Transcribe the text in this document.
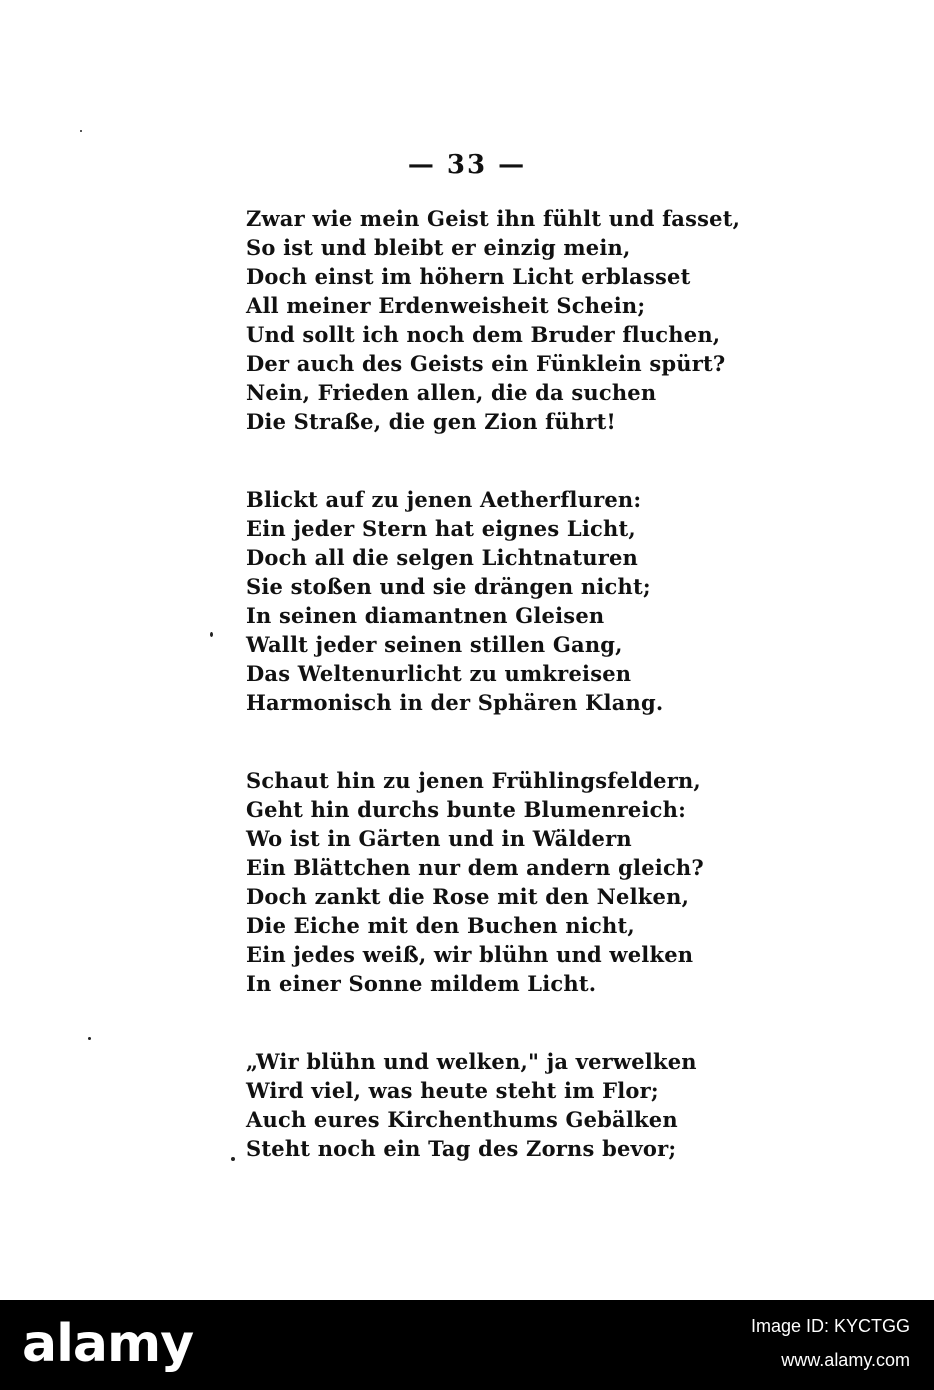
— 33 —
Zwar wie mein Geist ihn fühlt und fasset,
So ist und bleibt er einzig mein,
Doch einst im höhern Licht erblasset
All meiner Erdenweisheit Schein;
Und sollt ich noch dem Bruder fluchen,
Der auch des Geists ein Fünklein spürt?
Nein, Frieden allen, die da suchen
Die Straße, die gen Zion führt!
Blickt auf zu jenen Aetherfluren:
Ein jeder Stern hat eignes Licht,
Doch all die selgen Lichtnaturen
Sie stoßen und sie drängen nicht;
In seinen diamantnen Gleisen
Wallt jeder seinen stillen Gang,
Das Weltenurlicht zu umkreisen
Harmonisch in der Sphären Klang.
Schaut hin zu jenen Frühlingsfeldern,
Geht hin durchs bunte Blumenreich:
Wo ist in Gärten und in Wäldern
Ein Blättchen nur dem andern gleich?
Doch zankt die Rose mit den Nelken,
Die Eiche mit den Buchen nicht,
Ein jedes weiß, wir blühn und welken
In einer Sonne mildem Licht.
„Wir blühn und welken," ja verwelken
Wird viel, was heute steht im Flor;
Auch eures Kirchenthums Gebälken
Steht noch ein Tag des Zorns bevor;
alamy	Image ID: KYCTGG
www.alamy.com
